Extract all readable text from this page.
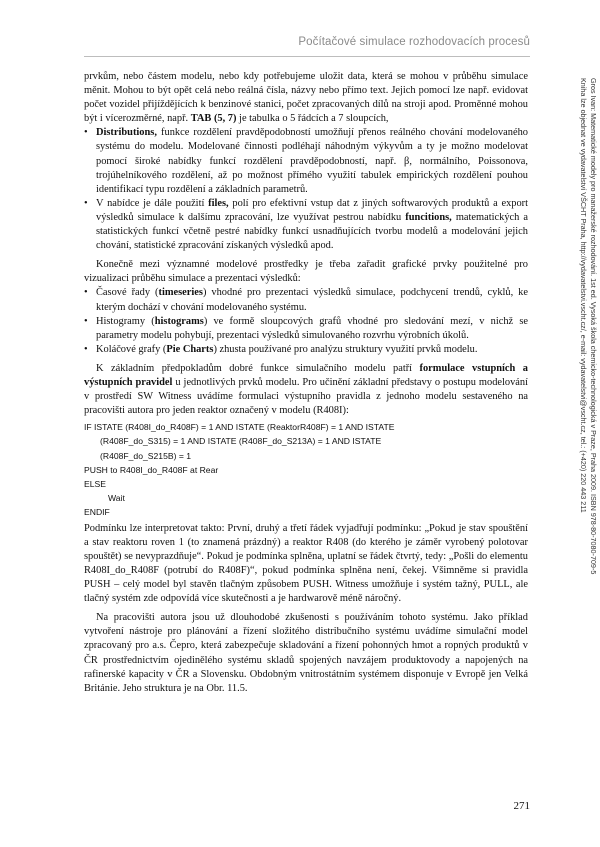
Počítačové simulace rozhodovacích procesů

prvkům, nebo částem modelu, nebo kdy potřebujeme uložit data, která se mohou v průběhu simulace měnit. Mohou to být opět celá nebo reálná čísla, názvy nebo přímo text. Jejich pomocí lze např. evidovat počet vozidel přijíždějících k benzinové stanici, počet zpracovaných dílů na stroji apod. Proměnné mohou být i vícerozměrné, např. TAB (5, 7) je tabulka o 5 řádcích a 7 sloupcích,

• Distributions, funkce rozdělení pravděpodobností umožňují přenos reálného chování modelovaného systému do modelu. Modelované činnosti podléhají náhodným výkyvům a ty je možno modelovat pomocí široké nabídky funkcí rozdělení pravděpodobností, např. β, normálního, Poissonova, trojúhelníkového rozdělení, až po možnost přímého využití tabulek empirických rozdělení pouhou identifikací typu rozdělení a základních parametrů.
• V nabídce je dále použití files, polí pro efektivní vstup dat z jiných softwarových produktů a export výsledků simulace k dalšímu zpracování, lze využívat pestrou nabídku funcitions, matematických a statistických funkcí včetně pestré nabídky funkcí usnadňujících tvorbu modelů a modelování jejich chování, statistické zpracování získaných výsledků apod.

Konečně mezi významné modelové prostředky je třeba zařadit grafické prvky použitelné pro vizualizaci průběhu simulace a prezentaci výsledků:

• Časové řady (timeseries) vhodné pro prezentaci výsledků simulace, podchycení trendů, cyklů, ke kterým dochází v chování modelovaného systému.
• Histogramy (histograms) ve formě sloupcových grafů vhodné pro sledování mezí, v nichž se parametry modelu pohybují, prezentaci výsledků simulovaného rozvrhu výrobních úkolů.
• Koláčové grafy (Pie Charts) zhusta používané pro analýzu struktury využití prvků modelu.

K základním předpokladům dobré funkce simulačního modelu patří formulace vstupních a výstupních pravidel u jednotlivých prvků modelu. Pro učinění základní představy o postupu modelování v prostředí SW Witness uvádíme formulaci výstupního pravidla z jednoho modelu sestaveného na pracovišti autora pro jeden reaktor označený v modelu (R408I):

IF ISTATE (R408I_do_R408F) = 1 AND ISTATE (ReaktorR408F) = 1 AND ISTATE
(R408F_do_S315) = 1 AND ISTATE (R408F_do_S213A) = 1 AND ISTATE
(R408F_do_S215B) = 1
PUSH to R408I_do_R408F at Rear
ELSE
Wait
ENDIF

Podmínku lze interpretovat takto: První, druhý a třetí řádek vyjadřují podmínku: „Pokud je stav spouštění a stav reaktoru roven 1 (to znamená prázdný) a reaktor R408 (do kterého je záměr vyrobený polotovar spouštět) se nevyprazdňuje“. Pokud je podmínka splněna, uplatní se řádek čtvrtý, tedy: „Pošli do elementu R408I_do_R408F (potrubí do R408F)“, pokud podmínka splněna není, čekej. Všimněme si pravidla PUSH – celý model byl stavěn tlačným způsobem PUSH. Witness umožňuje i systém tažný, PULL, ale tlačný systém zde odpovídá více skutečnosti a je hardwarově méně náročný.

Na pracovišti autora jsou už dlouhodobé zkušenosti s používáním tohoto systému. Jako příklad vytvoření nástroje pro plánování a řízení složitého distribučního systému uvádíme simulační model zpracovaný pro a.s. Čepro, která zabezpečuje skladování a řízení pohonných hmot a ropných produktů v ČR prostřednictvím ojedinělého systému skladů spojených navzájem produktovody a napojených na rafinerské kapacity v ČR a Slovensku. Obdobným vnitrostátním systémem disponuje v Evropě jen Velká Británie. Jeho struktura je na Obr. 11.5.

Gros Ivan: Matematické modely pro manažerské rozhodování. 1st ed. Vysoká škola chemicko-technologická v Praze, Praha 2009. ISBN 978-80-7080-709-5
Kniha lze objednat ve vydavatelství VŠCHT Praha, http://vydavatelstvi.vscht.cz/, e-mail: vydavatelstvi@vscht.cz, tel.: (+420) 220 443 211
271
